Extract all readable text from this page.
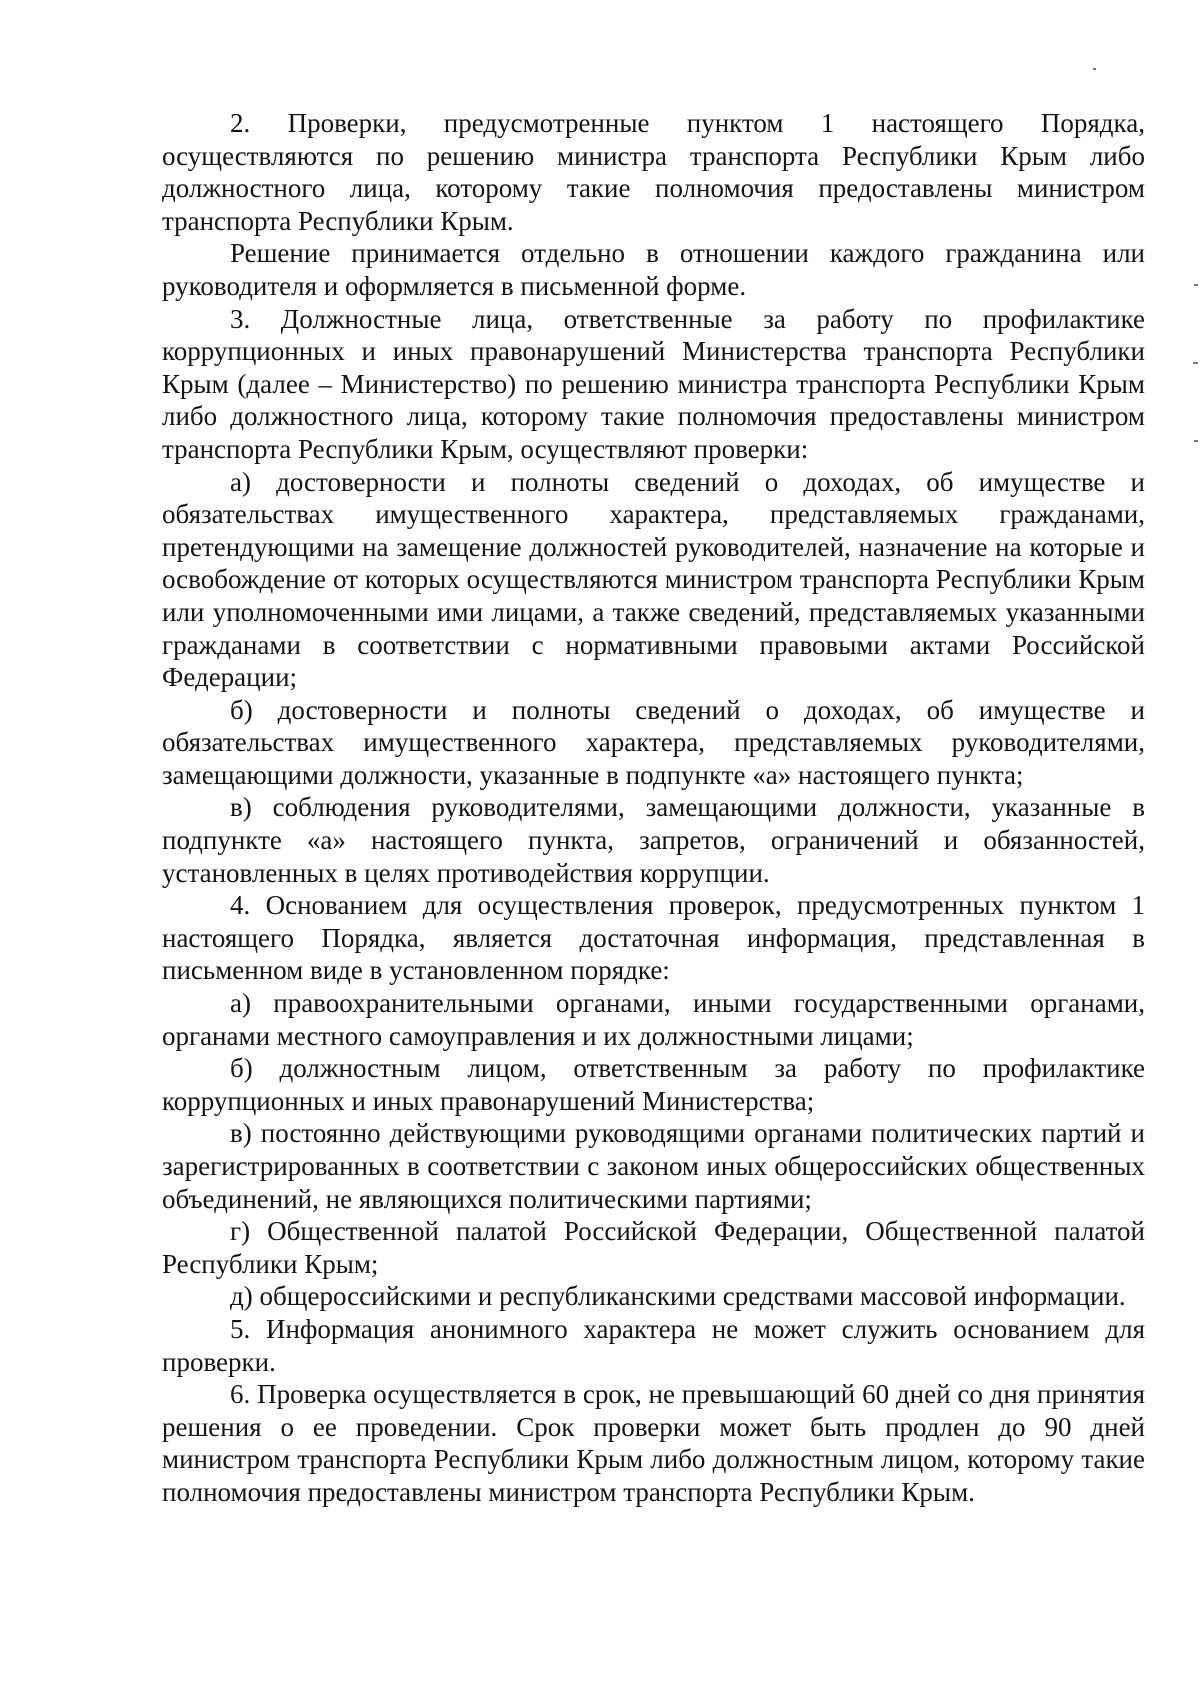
2. Проверки, предусмотренные пунктом 1 настоящего Порядка, осуществляются по решению министра транспорта Республики Крым либо должностного лица, которому такие полномочия предоставлены министром транспорта Республики Крым.

Решение принимается отдельно в отношении каждого гражданина или руководителя и оформляется в письменной форме.

3. Должностные лица, ответственные за работу по профилактике коррупционных и иных правонарушений Министерства транспорта Республики Крым (далее – Министерство) по решению министра транспорта Республики Крым либо должностного лица, которому такие полномочия предоставлены министром транспорта Республики Крым, осуществляют проверки:

а) достоверности и полноты сведений о доходах, об имуществе и обязательствах имущественного характера, представляемых гражданами, претендующими на замещение должностей руководителей, назначение на которые и освобождение от которых осуществляются министром транспорта Республики Крым или уполномоченными ими лицами, а также сведений, представляемых указанными гражданами в соответствии с нормативными правовыми актами Российской Федерации;

б) достоверности и полноты сведений о доходах, об имуществе и обязательствах имущественного характера, представляемых руководителями, замещающими должности, указанные в подпункте «а» настоящего пункта;

в) соблюдения руководителями, замещающими должности, указанные в подпункте «а» настоящего пункта, запретов, ограничений и обязанностей, установленных в целях противодействия коррупции.

4. Основанием для осуществления проверок, предусмотренных пунктом 1 настоящего Порядка, является достаточная информация, представленная в письменном виде в установленном порядке:

а) правоохранительными органами, иными государственными органами, органами местного самоуправления и их должностными лицами;

б) должностным лицом, ответственным за работу по профилактике коррупционных и иных правонарушений Министерства;

в) постоянно действующими руководящими органами политических партий и зарегистрированных в соответствии с законом иных общероссийских общественных объединений, не являющихся политическими партиями;

г) Общественной палатой Российской Федерации, Общественной палатой Республики Крым;

д) общероссийскими и республиканскими средствами массовой информации.

5. Информация анонимного характера не может служить основанием для проверки.

6. Проверка осуществляется в срок, не превышающий 60 дней со дня принятия решения о ее проведении. Срок проверки может быть продлен до 90 дней министром транспорта Республики Крым либо должностным лицом, которому такие полномочия предоставлены министром транспорта Республики Крым.
